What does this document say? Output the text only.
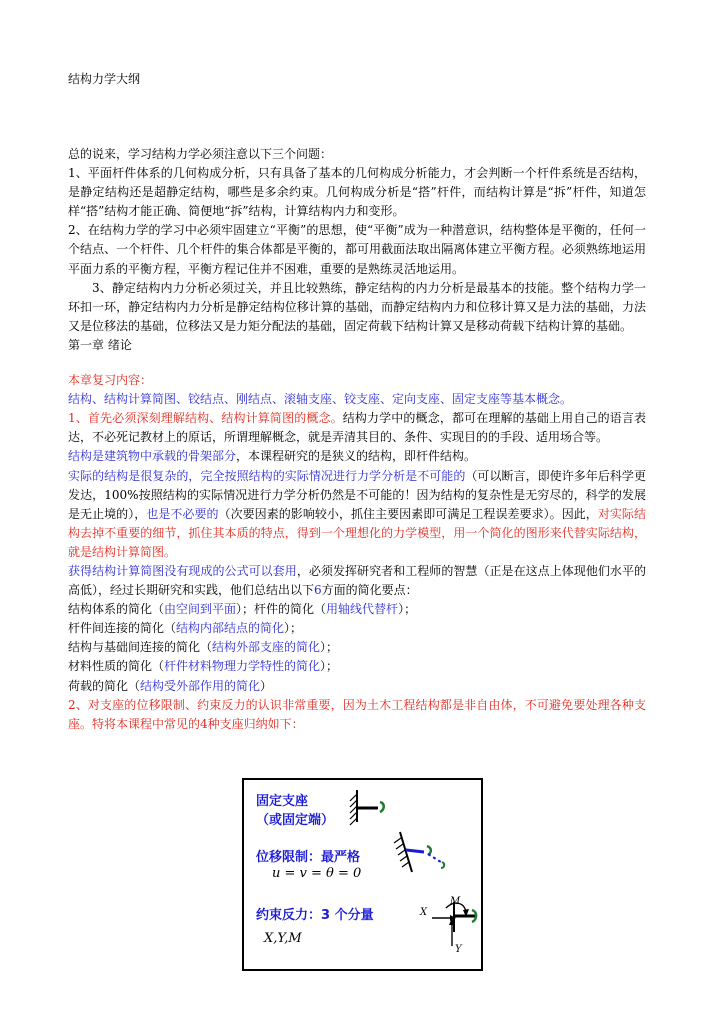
结构力学大纲

总的说来，学习结构力学必须注意以下三个问题：

1、平面杆件体系的几何构成分析，只有具备了基本的几何构成分析能力，才会判断一个杆件系统是否结构，是静定结构还是超静定结构，哪些是多余约束。几何构成分析是“搭”杆件，而结构计算是“拆”杆件，知道怎样“搭”结构才能正确、简便地“拆”结构，计算结构内力和变形。

2、在结构力学的学习中必须牢固建立“平衡”的思想，使“平衡”成为一种潜意识，结构整体是平衡的，任何一个结点、一个杆件、几个杆件的集合体都是平衡的，都可用截面法取出隔离体建立平衡方程。必须熟练地运用平面力系的平衡方程，平衡方程记住并不困难，重要的是熟练灵活地运用。

3、静定结构内力分析必须过关，并且比较熟练，静定结构的内力分析是最基本的技能。整个结构力学一环扣一环，静定结构内力分析是静定结构位移计算的基础，而静定结构内力和位移计算又是力法的基础，力法又是位移法的基础，位移法又是力矩分配法的基础，固定荷载下结构计算又是移动荷载下结构计算的基础。

第一章 绪论

本章复习内容：

结构、结构计算简图、铰结点、刚结点、滚轴支座、铰支座、定向支座、固定支座等基本概念。

1、首先必须深刻理解结构、结构计算简图的概念。结构力学中的概念，都可在理解的基础上用自己的语言表达，不必死记教材上的原话，所谓理解概念，就是弄清其目的、条件、实现目的的手段、适用场合等。

结构是建筑物中承载的骨架部分，本课程研究的是狭义的结构，即杆件结构。

实际的结构是很复杂的，完全按照结构的实际情况进行力学分析是不可能的（可以断言，即使许多年后科学更发达，100%按照结构的实际情况进行力学分析仍然是不可能的！因为结构的复杂性是无穷尽的，科学的发展是无止境的），也是不必要的（次要因素的影响较小，抓住主要因素即可满足工程误差要求）。因此，对实际结构去掉不重要的细节，抓住其本质的特点，得到一个理想化的力学模型，用一个简化的图形来代替实际结构，就是结构计算简图。

获得结构计算简图没有现成的公式可以套用，必须发挥研究者和工程师的智慧（正是在这点上体现他们水平的高低），经过长期研究和实践，他们总结出以下6方面的简化要点：

结构体系的简化（由空间到平面）；杆件的简化（用轴线代替杆）；

杆件间连接的简化（结构内部结点的简化）；

结构与基础间连接的简化（结构外部支座的简化）；

材料性质的简化（杆件材料物理力学特性的简化）；

荷载的简化（结构受外部作用的简化）

2、对支座的位移限制、约束反力的认识非常重要，因为土木工程结构都是非自由体，不可避免要处理各种支座。特将本课程中常见的4种支座归纳如下：

固定支座
（或固定端）
位移限制：最严格
u = v = θ = 0
约束反力：3 个分量
X,Y,M
X
Y
M
